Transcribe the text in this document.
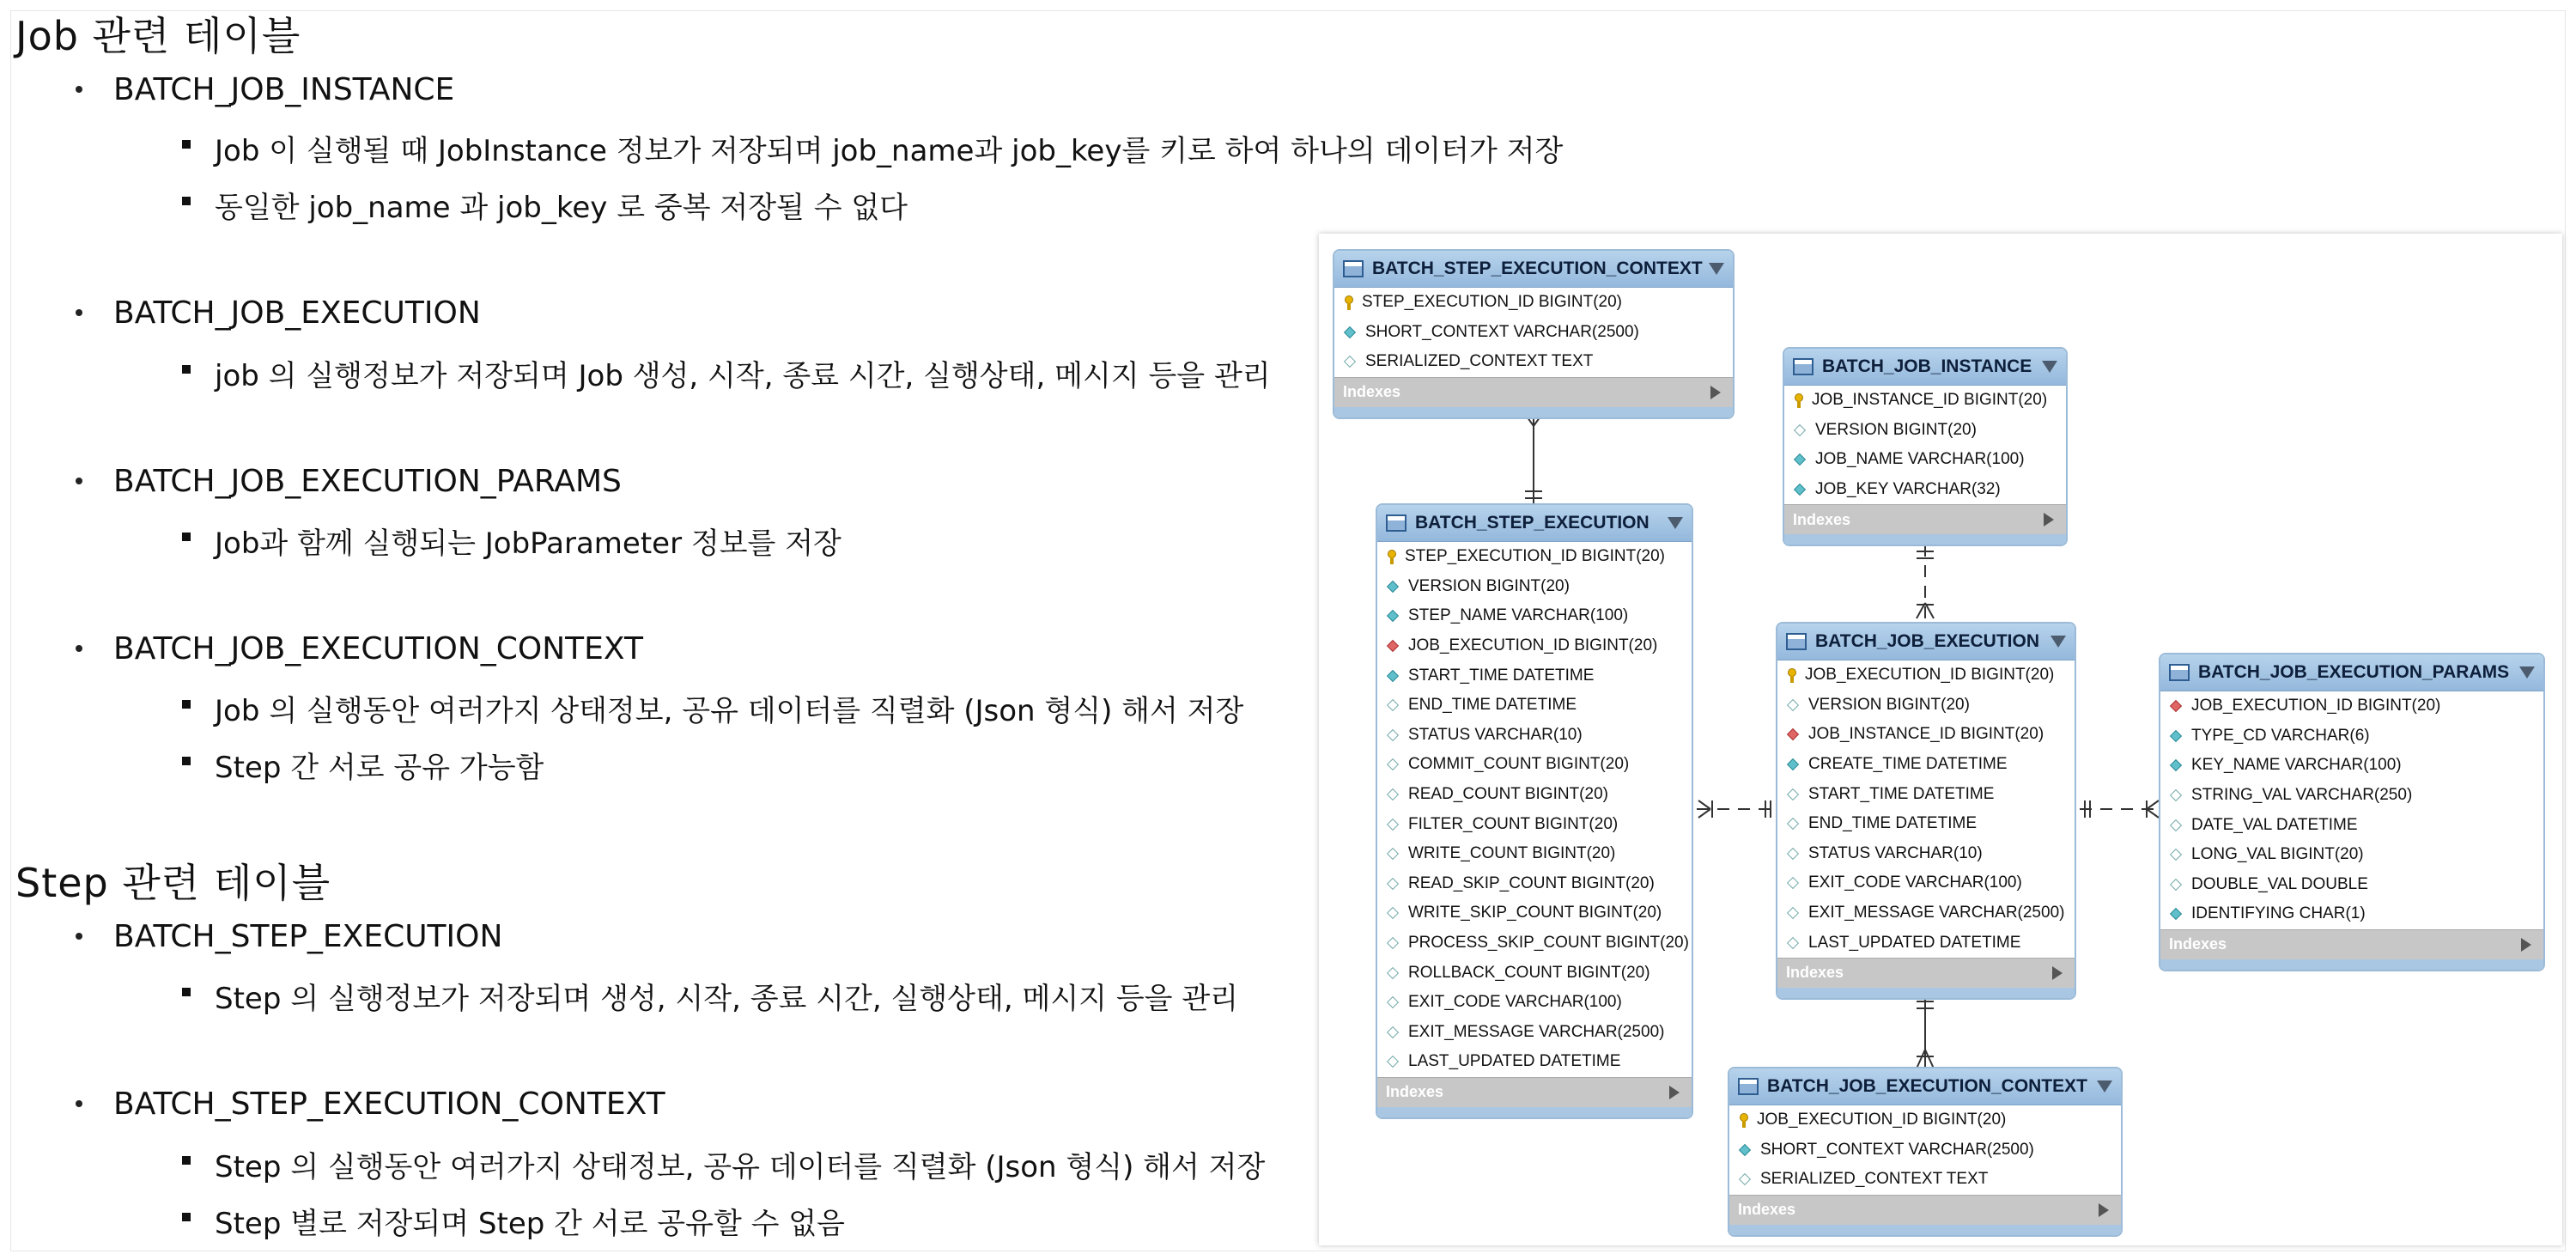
Job 관련 테이블
BATCH_JOB_INSTANCE
Job 이 실행될 때 JobInstance 정보가 저장되며 job_name과 job_key를 키로 하여 하나의 데이터가 저장
동일한 job_name 과 job_key 로 중복 저장될 수 없다
BATCH_JOB_EXECUTION
job 의 실행정보가 저장되며 Job 생성, 시작, 종료 시간, 실행상태, 메시지 등을 관리
BATCH_JOB_EXECUTION_PARAMS
Job과 함께 실행되는 JobParameter 정보를 저장
BATCH_JOB_EXECUTION_CONTEXT
Job 의 실행동안 여러가지 상태정보, 공유 데이터를 직렬화 (Json 형식) 해서 저장
Step 간 서로 공유 가능함
Step 관련 테이블
BATCH_STEP_EXECUTION
Step 의 실행정보가 저장되며 생성, 시작, 종료 시간, 실행상태, 메시지 등을 관리
BATCH_STEP_EXECUTION_CONTEXT
Step 의 실행동안 여러가지 상태정보, 공유 데이터를 직렬화 (Json 형식) 해서 저장
Step 별로 저장되며 Step 간 서로 공유할 수 없음
BATCH_STEP_EXECUTION_CONTEXT
STEP_EXECUTION_ID BIGINT(20)
SHORT_CONTEXT VARCHAR(2500)
SERIALIZED_CONTEXT TEXT
Indexes
BATCH_JOB_INSTANCE
JOB_INSTANCE_ID BIGINT(20)
VERSION BIGINT(20)
JOB_NAME VARCHAR(100)
JOB_KEY VARCHAR(32)
Indexes
BATCH_STEP_EXECUTION
STEP_EXECUTION_ID BIGINT(20)
VERSION BIGINT(20)
STEP_NAME VARCHAR(100)
JOB_EXECUTION_ID BIGINT(20)
START_TIME DATETIME
END_TIME DATETIME
STATUS VARCHAR(10)
COMMIT_COUNT BIGINT(20)
READ_COUNT BIGINT(20)
FILTER_COUNT BIGINT(20)
WRITE_COUNT BIGINT(20)
READ_SKIP_COUNT BIGINT(20)
WRITE_SKIP_COUNT BIGINT(20)
PROCESS_SKIP_COUNT BIGINT(20)
ROLLBACK_COUNT BIGINT(20)
EXIT_CODE VARCHAR(100)
EXIT_MESSAGE VARCHAR(2500)
LAST_UPDATED DATETIME
Indexes
BATCH_JOB_EXECUTION
JOB_EXECUTION_ID BIGINT(20)
VERSION BIGINT(20)
JOB_INSTANCE_ID BIGINT(20)
CREATE_TIME DATETIME
START_TIME DATETIME
END_TIME DATETIME
STATUS VARCHAR(10)
EXIT_CODE VARCHAR(100)
EXIT_MESSAGE VARCHAR(2500)
LAST_UPDATED DATETIME
Indexes
BATCH_JOB_EXECUTION_PARAMS
JOB_EXECUTION_ID BIGINT(20)
TYPE_CD VARCHAR(6)
KEY_NAME VARCHAR(100)
STRING_VAL VARCHAR(250)
DATE_VAL DATETIME
LONG_VAL BIGINT(20)
DOUBLE_VAL DOUBLE
IDENTIFYING CHAR(1)
Indexes
BATCH_JOB_EXECUTION_CONTEXT
JOB_EXECUTION_ID BIGINT(20)
SHORT_CONTEXT VARCHAR(2500)
SERIALIZED_CONTEXT TEXT
Indexes
